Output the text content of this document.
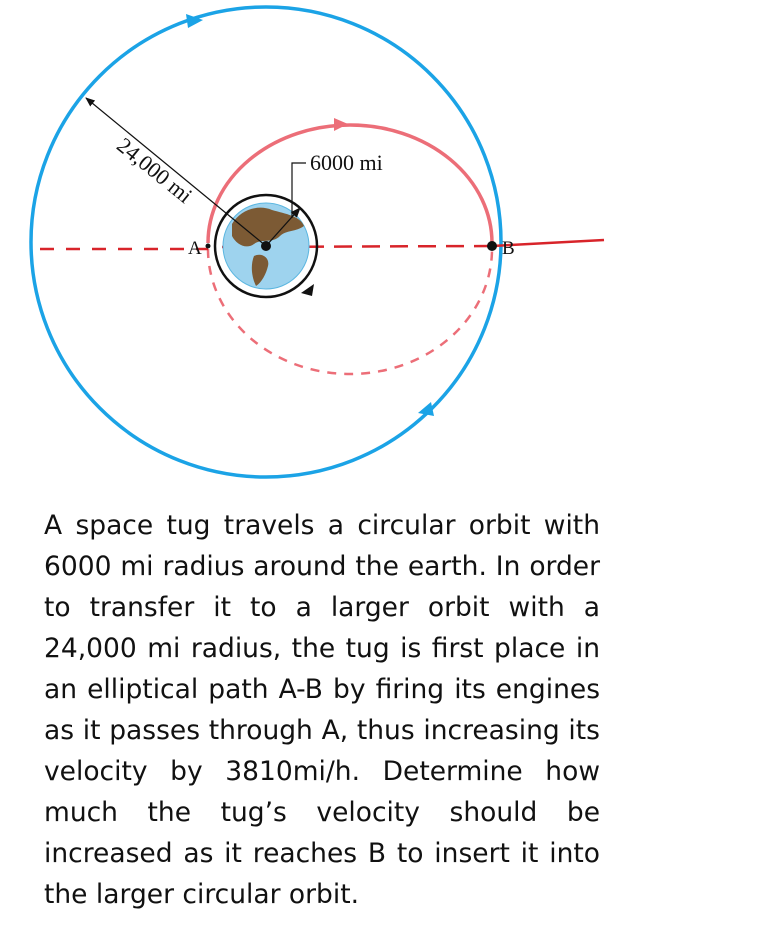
24,000 mi	6000 mi
A	B

A space tug travels a circular orbit with 6000 mi radius around the earth. In order to transfer it to a larger orbit with a 24,000 mi radius, the tug is first place in an elliptical path A-B by firing its engines as it passes through A, thus increasing its velocity by 3810mi/h. Determine how much the tug’s velocity should be increased as it reaches B to insert it into the larger circular orbit.
